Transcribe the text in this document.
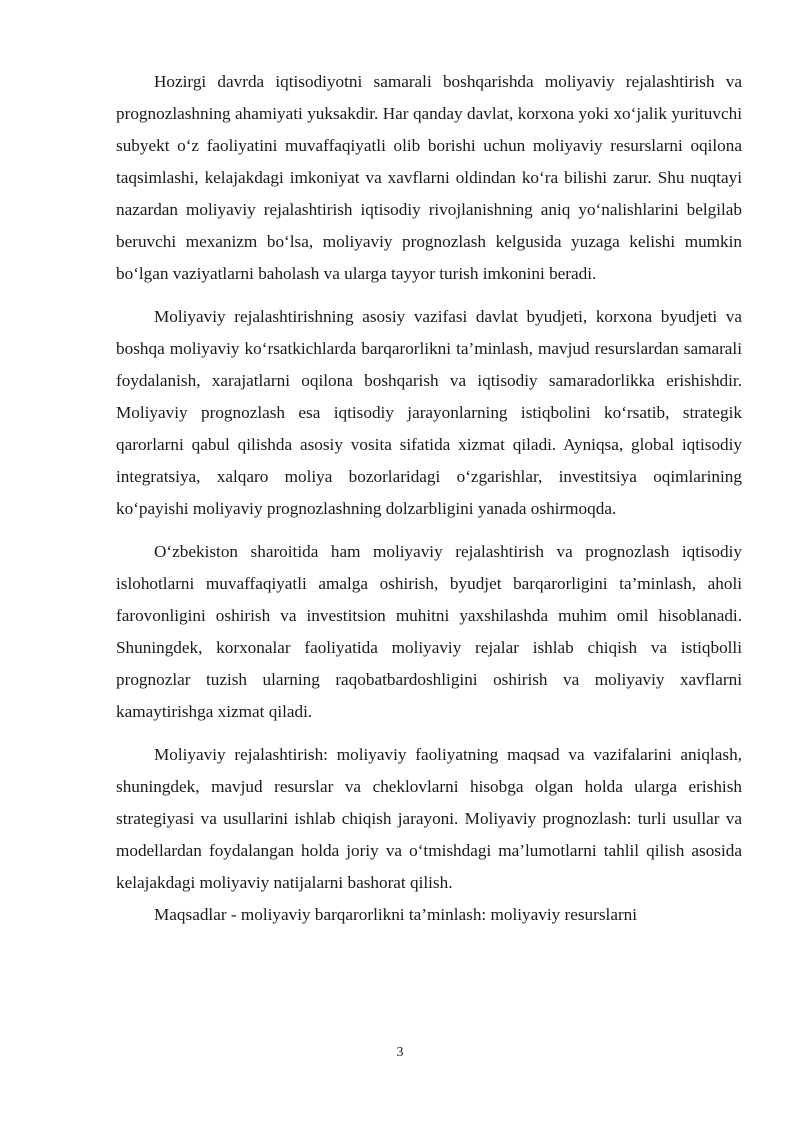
Hozirgi davrda iqtisodiyotni samarali boshqarishda moliyaviy rejalashtirish va prognozlashning ahamiyati yuksakdir. Har qanday davlat, korxona yoki xo‘jalik yurituvchi subyekt o‘z faoliyatini muvaffaqiyatli olib borishi uchun moliyaviy resurslarni oqilona taqsimlashi, kelajakdagi imkoniyat va xavflarni oldindan ko‘ra bilishi zarur. Shu nuqtayi nazardan moliyaviy rejalashtirish iqtisodiy rivojlanishning aniq yo‘nalishlarini belgilab beruvchi mexanizm bo‘lsa, moliyaviy prognozlash kelgusida yuzaga kelishi mumkin bo‘lgan vaziyatlarni baholash va ularga tayyor turish imkonini beradi.

Moliyaviy rejalashtirishning asosiy vazifasi davlat byudjeti, korxona byudjeti va boshqa moliyaviy ko‘rsatkichlarda barqarorlikni ta’minlash, mavjud resurslardan samarali foydalanish, xarajatlarni oqilona boshqarish va iqtisodiy samaradorlikka erishishdir. Moliyaviy prognozlash esa iqtisodiy jarayonlarning istiqbolini ko‘rsatib, strategik qarorlarni qabul qilishda asosiy vosita sifatida xizmat qiladi. Ayniqsa, global iqtisodiy integratsiya, xalqaro moliya bozorlaridagi o‘zgarishlar, investitsiya oqimlarining ko‘payishi moliyaviy prognozlashning dolzarbligini yanada oshirmoqda.

O‘zbekiston sharoitida ham moliyaviy rejalashtirish va prognozlash iqtisodiy islohotlarni muvaffaqiyatli amalga oshirish, byudjet barqarorligini ta’minlash, aholi farovonligini oshirish va investitsion muhitni yaxshilashda muhim omil hisoblanadi. Shuningdek, korxonalar faoliyatida moliyaviy rejalar ishlab chiqish va istiqbolli prognozlar tuzish ularning raqobatbardoshligini oshirish va moliyaviy xavflarni kamaytirishga xizmat qiladi.

Moliyaviy rejalashtirish: moliyaviy faoliyatning maqsad va vazifalarini aniqlash, shuningdek, mavjud resurslar va cheklovlarni hisobga olgan holda ularga erishish strategiyasi va usullarini ishlab chiqish jarayoni. Moliyaviy prognozlash: turli usullar va modellardan foydalangan holda joriy va o‘tmishdagi ma’lumotlarni tahlil qilish asosida kelajakdagi moliyaviy natijalarni bashorat qilish.

Maqsadlar - moliyaviy barqarorlikni ta’minlash: moliyaviy resurslarni

3
